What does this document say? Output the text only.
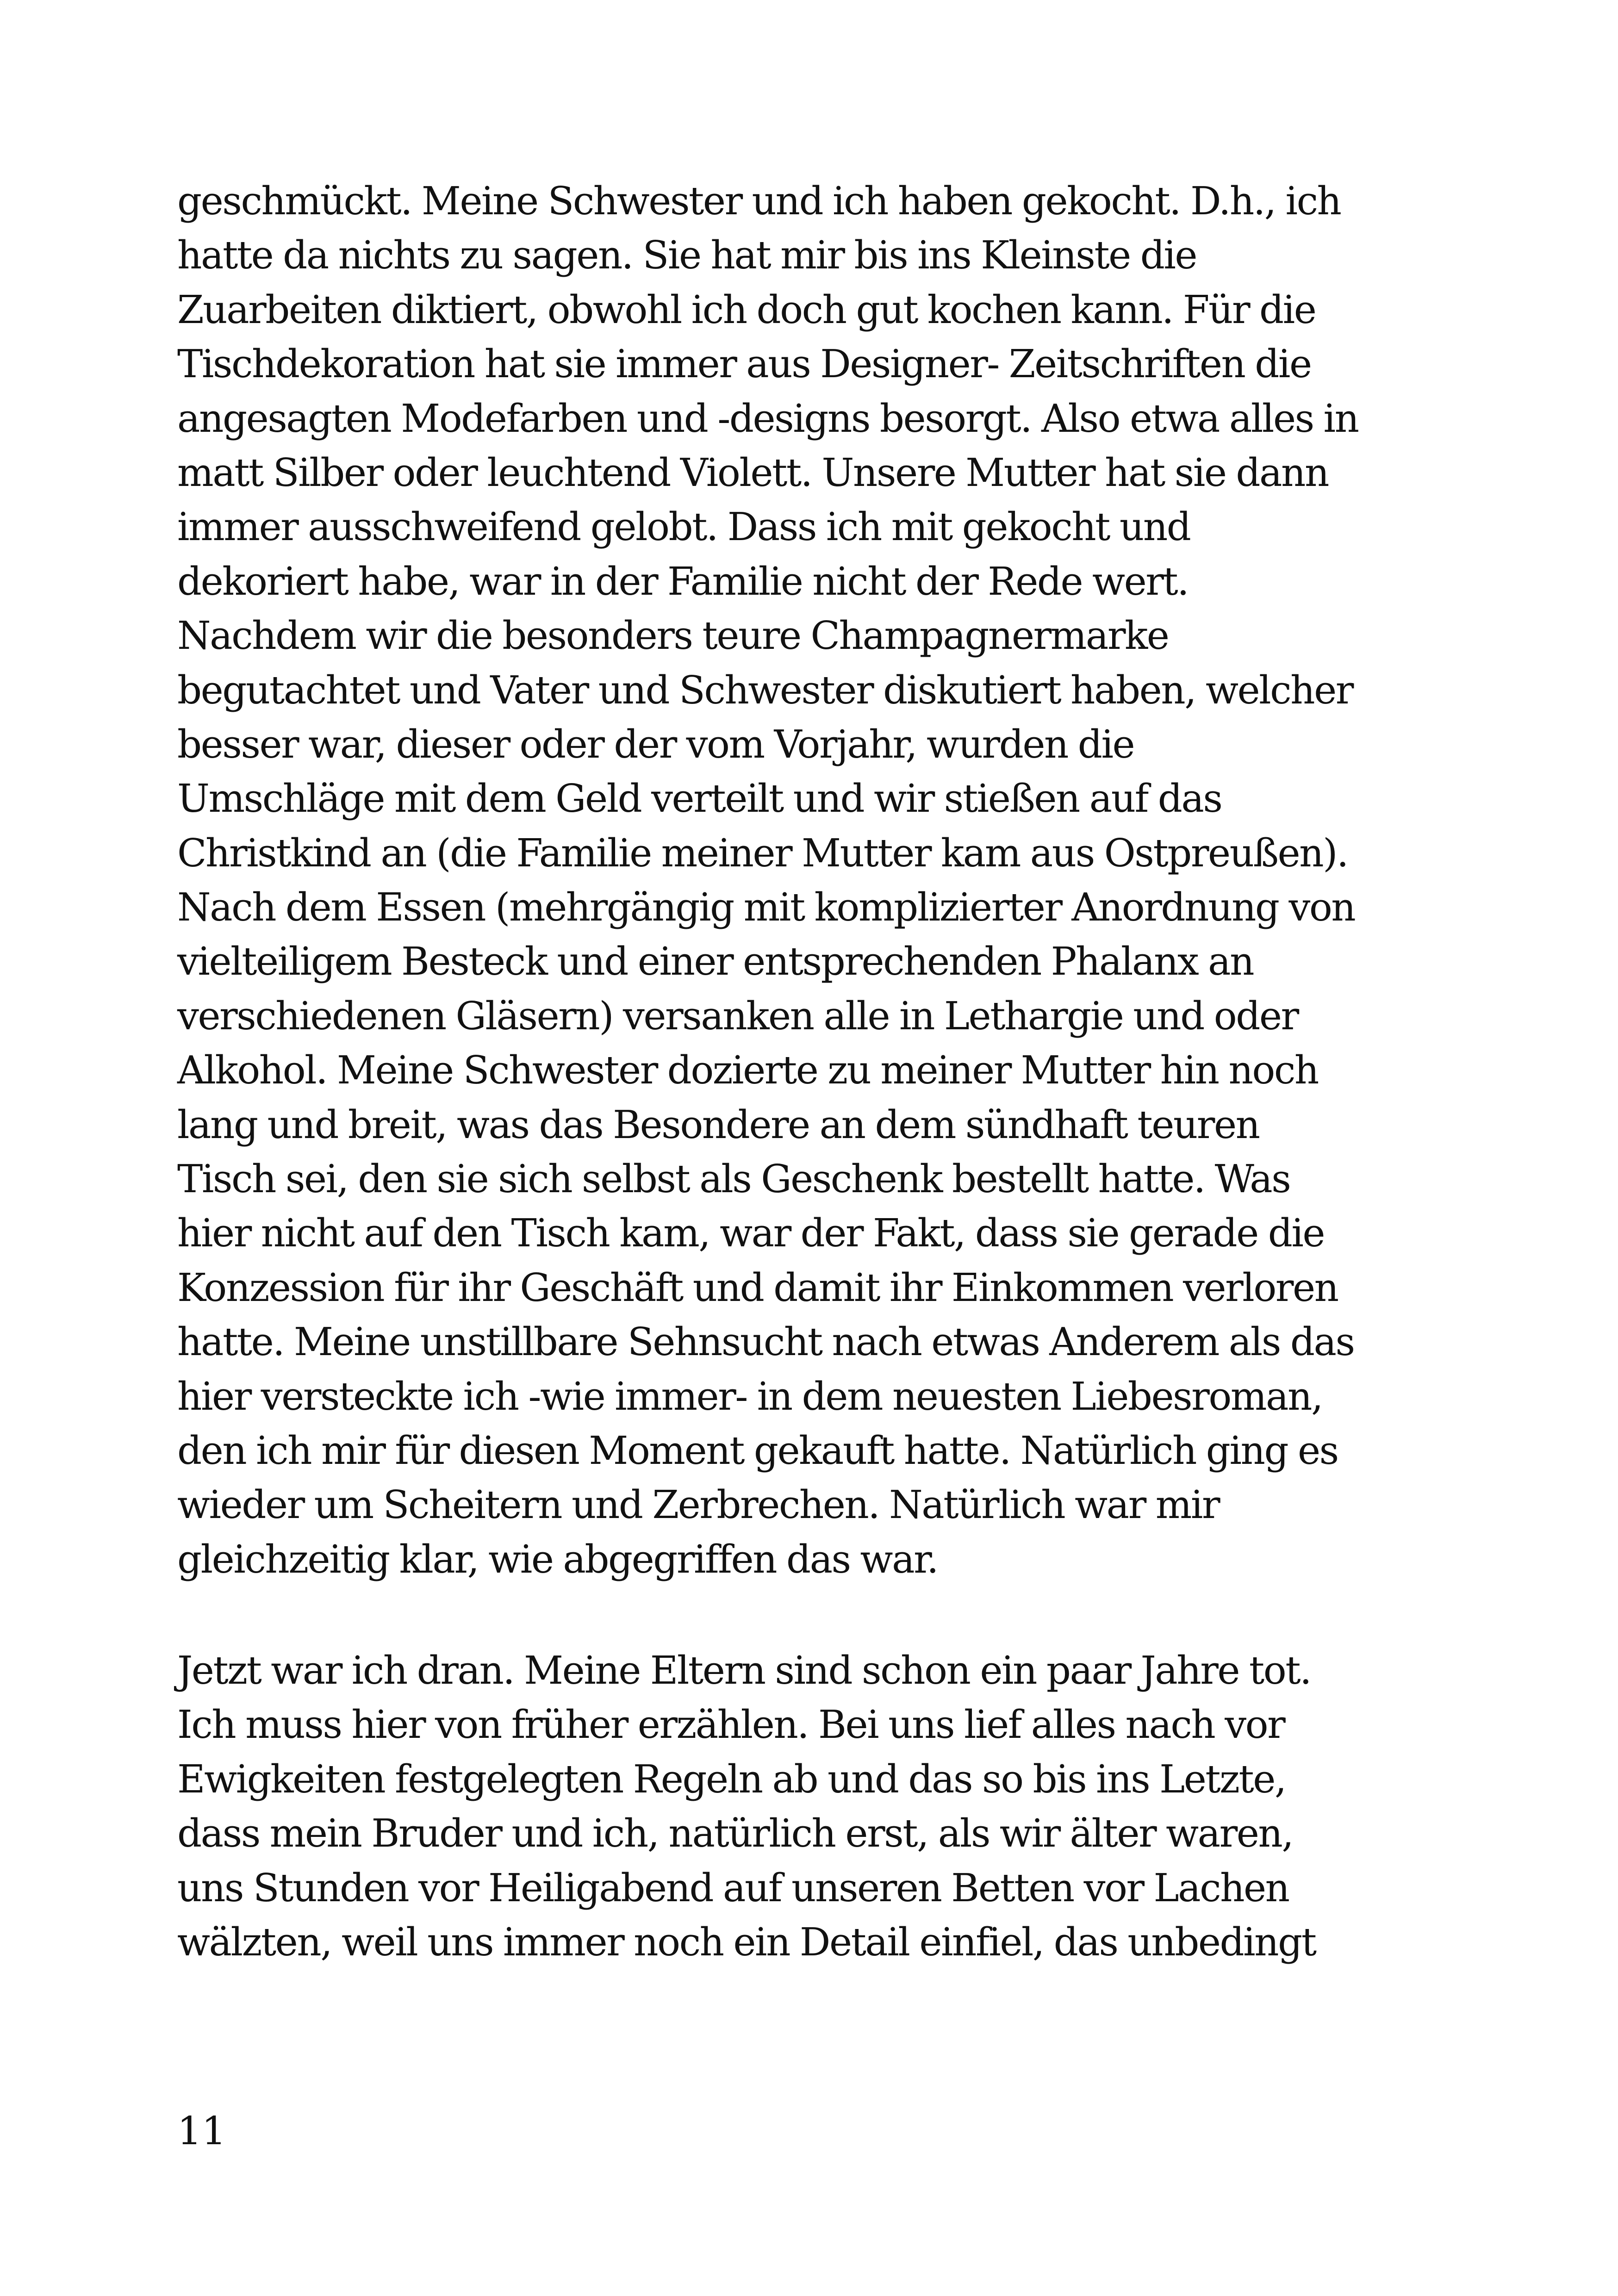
geschmückt. Meine Schwester und ich haben gekocht. D.h., ich
hatte da nichts zu sagen. Sie hat mir bis ins Kleinste die
Zuarbeiten diktiert, obwohl ich doch gut kochen kann. Für die
Tischdekoration hat sie immer aus Designer- Zeitschriften die
angesagten Modefarben und -designs besorgt. Also etwa alles in
matt Silber oder leuchtend Violett. Unsere Mutter hat sie dann
immer ausschweifend gelobt. Dass ich mit gekocht und
dekoriert habe, war in der Familie nicht der Rede wert.
Nachdem wir die besonders teure Champagnermarke
begutachtet und Vater und Schwester diskutiert haben, welcher
besser war, dieser oder der vom Vorjahr, wurden die
Umschläge mit dem Geld verteilt und wir stießen auf das
Christkind an (die Familie meiner Mutter kam aus Ostpreußen).
Nach dem Essen (mehrgängig mit komplizierter Anordnung von
vielteiligem Besteck und einer entsprechenden Phalanx an
verschiedenen Gläsern) versanken alle in Lethargie und oder
Alkohol. Meine Schwester dozierte zu meiner Mutter hin noch
lang und breit, was das Besondere an dem sündhaft teuren
Tisch sei, den sie sich selbst als Geschenk bestellt hatte. Was
hier nicht auf den Tisch kam, war der Fakt, dass sie gerade die
Konzession für ihr Geschäft und damit ihr Einkommen verloren
hatte. Meine unstillbare Sehnsucht nach etwas Anderem als das
hier versteckte ich -wie immer- in dem neuesten Liebesroman,
den ich mir für diesen Moment gekauft hatte. Natürlich ging es
wieder um Scheitern und Zerbrechen. Natürlich war mir
gleichzeitig klar, wie abgegriffen das war.
Jetzt war ich dran. Meine Eltern sind schon ein paar Jahre tot.
Ich muss hier von früher erzählen. Bei uns lief alles nach vor
Ewigkeiten festgelegten Regeln ab und das so bis ins Letzte,
dass mein Bruder und ich, natürlich erst, als wir älter waren,
uns Stunden vor Heiligabend auf unseren Betten vor Lachen
wälzten, weil uns immer noch ein Detail einfiel, das unbedingt
11
